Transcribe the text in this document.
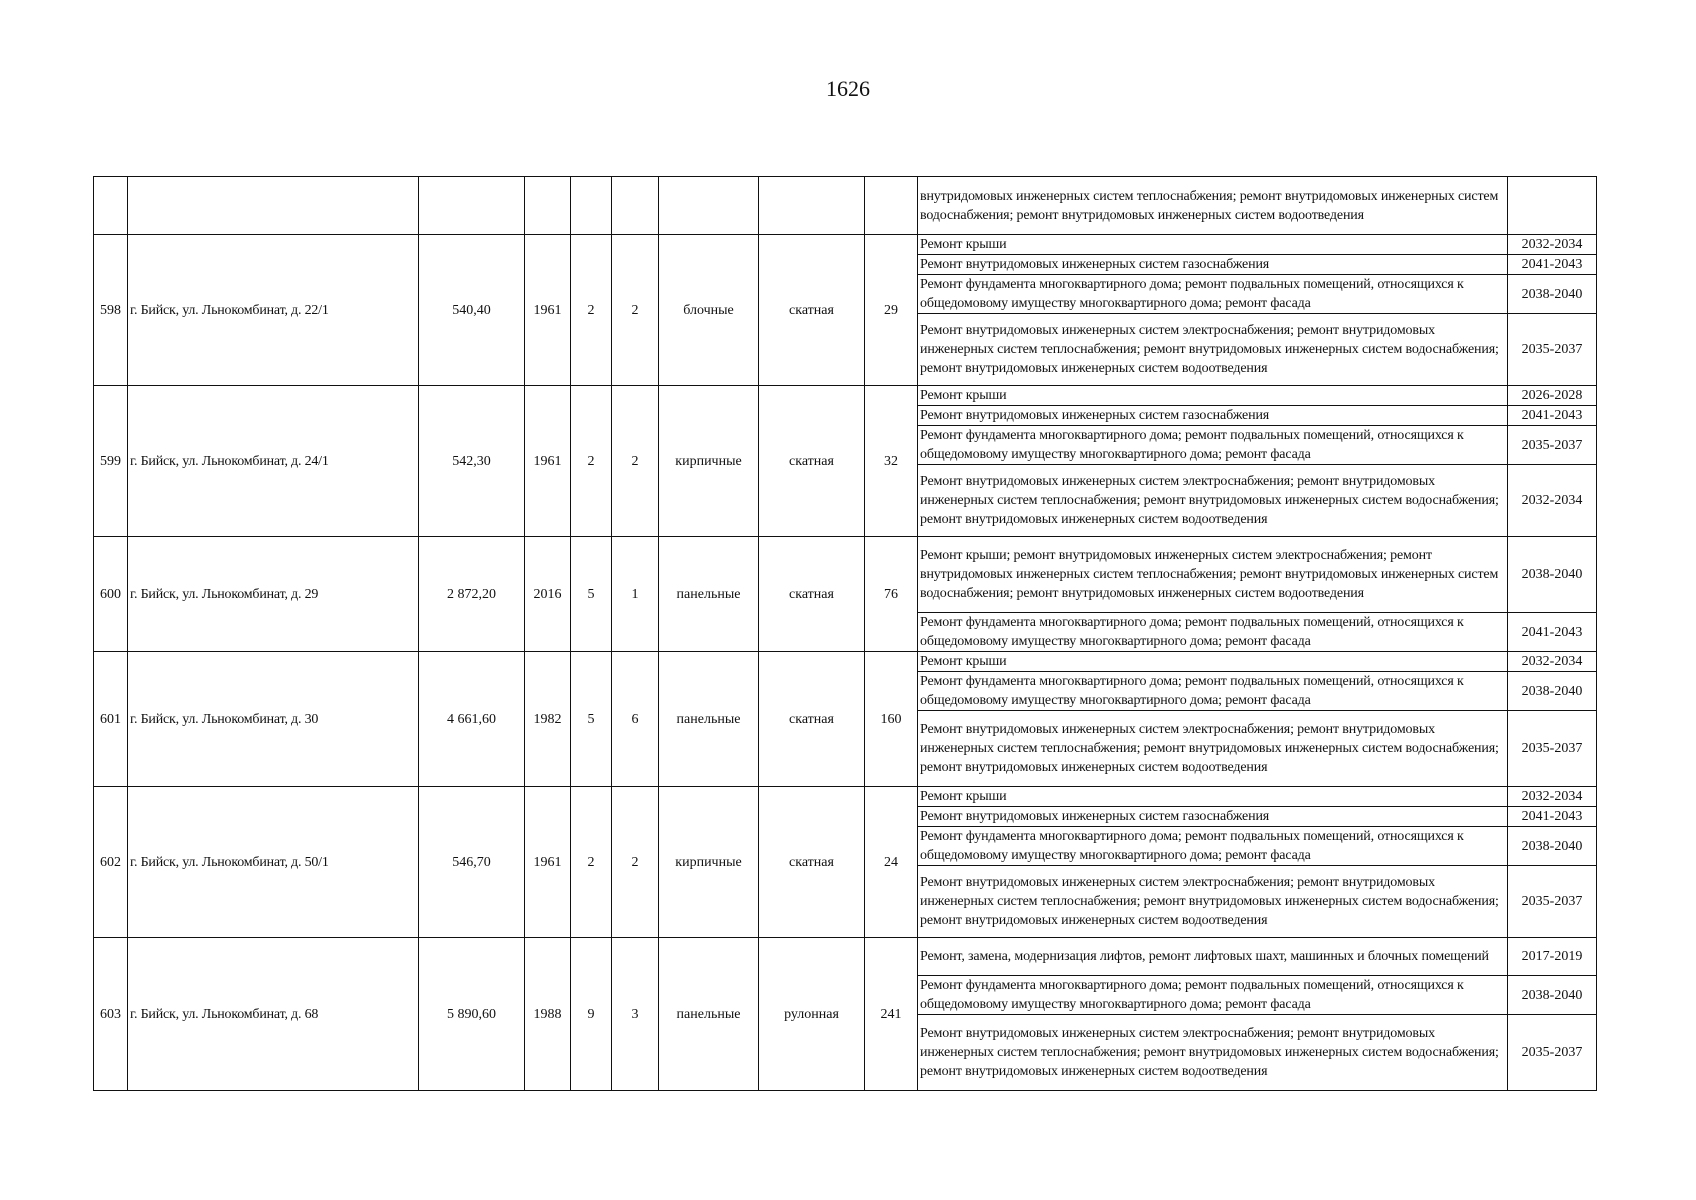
1626
									внутридомовых инженерных систем теплоснабжения; ремонт внутридомовых инженерных систем водоснабжения; ремонт внутридомовых инженерных систем водоотведения	
598	г. Бийск, ул. Льнокомбинат, д. 22/1	540,40	1961	2	2	блочные	скатная	29	Ремонт крыши	2032-2034
									Ремонт внутридомовых инженерных систем газоснабжения	2041-2043
									Ремонт фундамента многоквартирного дома; ремонт подвальных помещений, относящихся к общедомовому имуществу многоквартирного дома; ремонт фасада	2038-2040
									Ремонт внутридомовых инженерных систем электроснабжения; ремонт внутридомовых инженерных систем теплоснабжения; ремонт внутридомовых инженерных систем водоснабжения; ремонт внутридомовых инженерных систем водоотведения	2035-2037
599	г. Бийск, ул. Льнокомбинат, д. 24/1	542,30	1961	2	2	кирпичные	скатная	32	Ремонт крыши	2026-2028
									Ремонт внутридомовых инженерных систем газоснабжения	2041-2043
									Ремонт фундамента многоквартирного дома; ремонт подвальных помещений, относящихся к общедомовому имуществу многоквартирного дома; ремонт фасада	2035-2037
									Ремонт внутридомовых инженерных систем электроснабжения; ремонт внутридомовых инженерных систем теплоснабжения; ремонт внутридомовых инженерных систем водоснабжения; ремонт внутридомовых инженерных систем водоотведения	2032-2034
600	г. Бийск, ул. Льнокомбинат, д. 29	2 872,20	2016	5	1	панельные	скатная	76	Ремонт крыши; ремонт внутридомовых инженерных систем электроснабжения; ремонт внутридомовых инженерных систем теплоснабжения; ремонт внутридомовых инженерных систем водоснабжения; ремонт внутридомовых инженерных систем водоотведения	2038-2040
									Ремонт фундамента многоквартирного дома; ремонт подвальных помещений, относящихся к общедомовому имуществу многоквартирного дома; ремонт фасада	2041-2043
601	г. Бийск, ул. Льнокомбинат, д. 30	4 661,60	1982	5	6	панельные	скатная	160	Ремонт крыши	2032-2034
									Ремонт фундамента многоквартирного дома; ремонт подвальных помещений, относящихся к общедомовому имуществу многоквартирного дома; ремонт фасада	2038-2040
									Ремонт внутридомовых инженерных систем электроснабжения; ремонт внутридомовых инженерных систем теплоснабжения; ремонт внутридомовых инженерных систем водоснабжения; ремонт внутридомовых инженерных систем водоотведения	2035-2037
602	г. Бийск, ул. Льнокомбинат, д. 50/1	546,70	1961	2	2	кирпичные	скатная	24	Ремонт крыши	2032-2034
									Ремонт внутридомовых инженерных систем газоснабжения	2041-2043
									Ремонт фундамента многоквартирного дома; ремонт подвальных помещений, относящихся к общедомовому имуществу многоквартирного дома; ремонт фасада	2038-2040
									Ремонт внутридомовых инженерных систем электроснабжения; ремонт внутридомовых инженерных систем теплоснабжения; ремонт внутридомовых инженерных систем водоснабжения; ремонт внутридомовых инженерных систем водоотведения	2035-2037
603	г. Бийск, ул. Льнокомбинат, д. 68	5 890,60	1988	9	3	панельные	рулонная	241	Ремонт, замена, модернизация лифтов, ремонт лифтовых шахт, машинных и блочных помещений	2017-2019
									Ремонт фундамента многоквартирного дома; ремонт подвальных помещений, относящихся к общедомовому имуществу многоквартирного дома; ремонт фасада	2038-2040
									Ремонт внутридомовых инженерных систем электроснабжения; ремонт внутридомовых инженерных систем теплоснабжения; ремонт внутридомовых инженерных систем водоснабжения; ремонт внутридомовых инженерных систем водоотведения	2035-2037
